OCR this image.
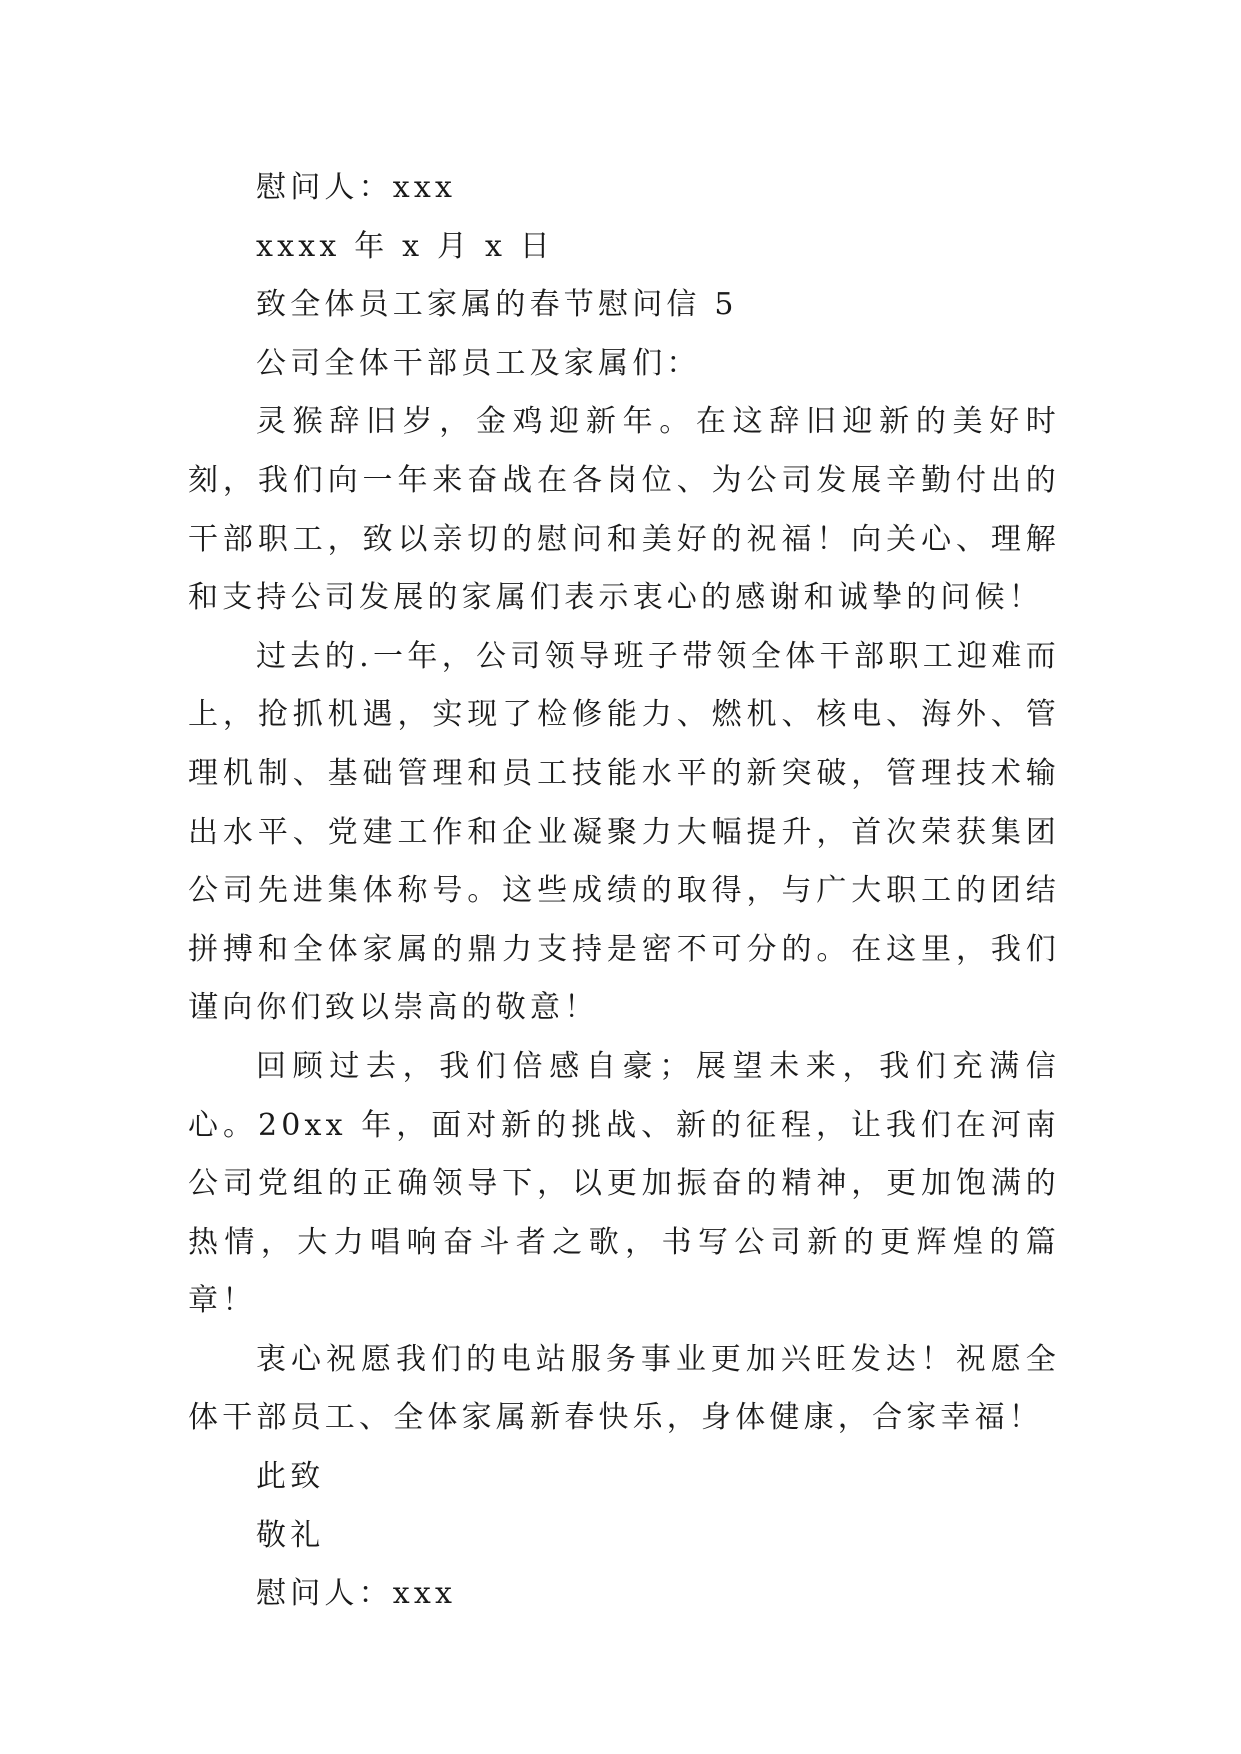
慰问人：xxx

xxxx 年 x 月 x 日

致全体员工家属的春节慰问信 5

公司全体干部员工及家属们：

灵猴辞旧岁，金鸡迎新年。在这辞旧迎新的美好时刻，我们向一年来奋战在各岗位、为公司发展辛勤付出的干部职工，致以亲切的慰问和美好的祝福！向关心、理解和支持公司发展的家属们表示衷心的感谢和诚挚的问候！

过去的.一年，公司领导班子带领全体干部职工迎难而上，抢抓机遇，实现了检修能力、燃机、核电、海外、管理机制、基础管理和员工技能水平的新突破，管理技术输出水平、党建工作和企业凝聚力大幅提升，首次荣获集团公司先进集体称号。这些成绩的取得，与广大职工的团结拼搏和全体家属的鼎力支持是密不可分的。在这里，我们谨向你们致以崇高的敬意！

回顾过去，我们倍感自豪；展望未来，我们充满信心。20xx 年，面对新的挑战、新的征程，让我们在河南公司党组的正确领导下，以更加振奋的精神，更加饱满的热情，大力唱响奋斗者之歌，书写公司新的更辉煌的篇章！

衷心祝愿我们的电站服务事业更加兴旺发达！祝愿全体干部员工、全体家属新春快乐，身体健康，合家幸福！

此致

敬礼

慰问人：xxx
